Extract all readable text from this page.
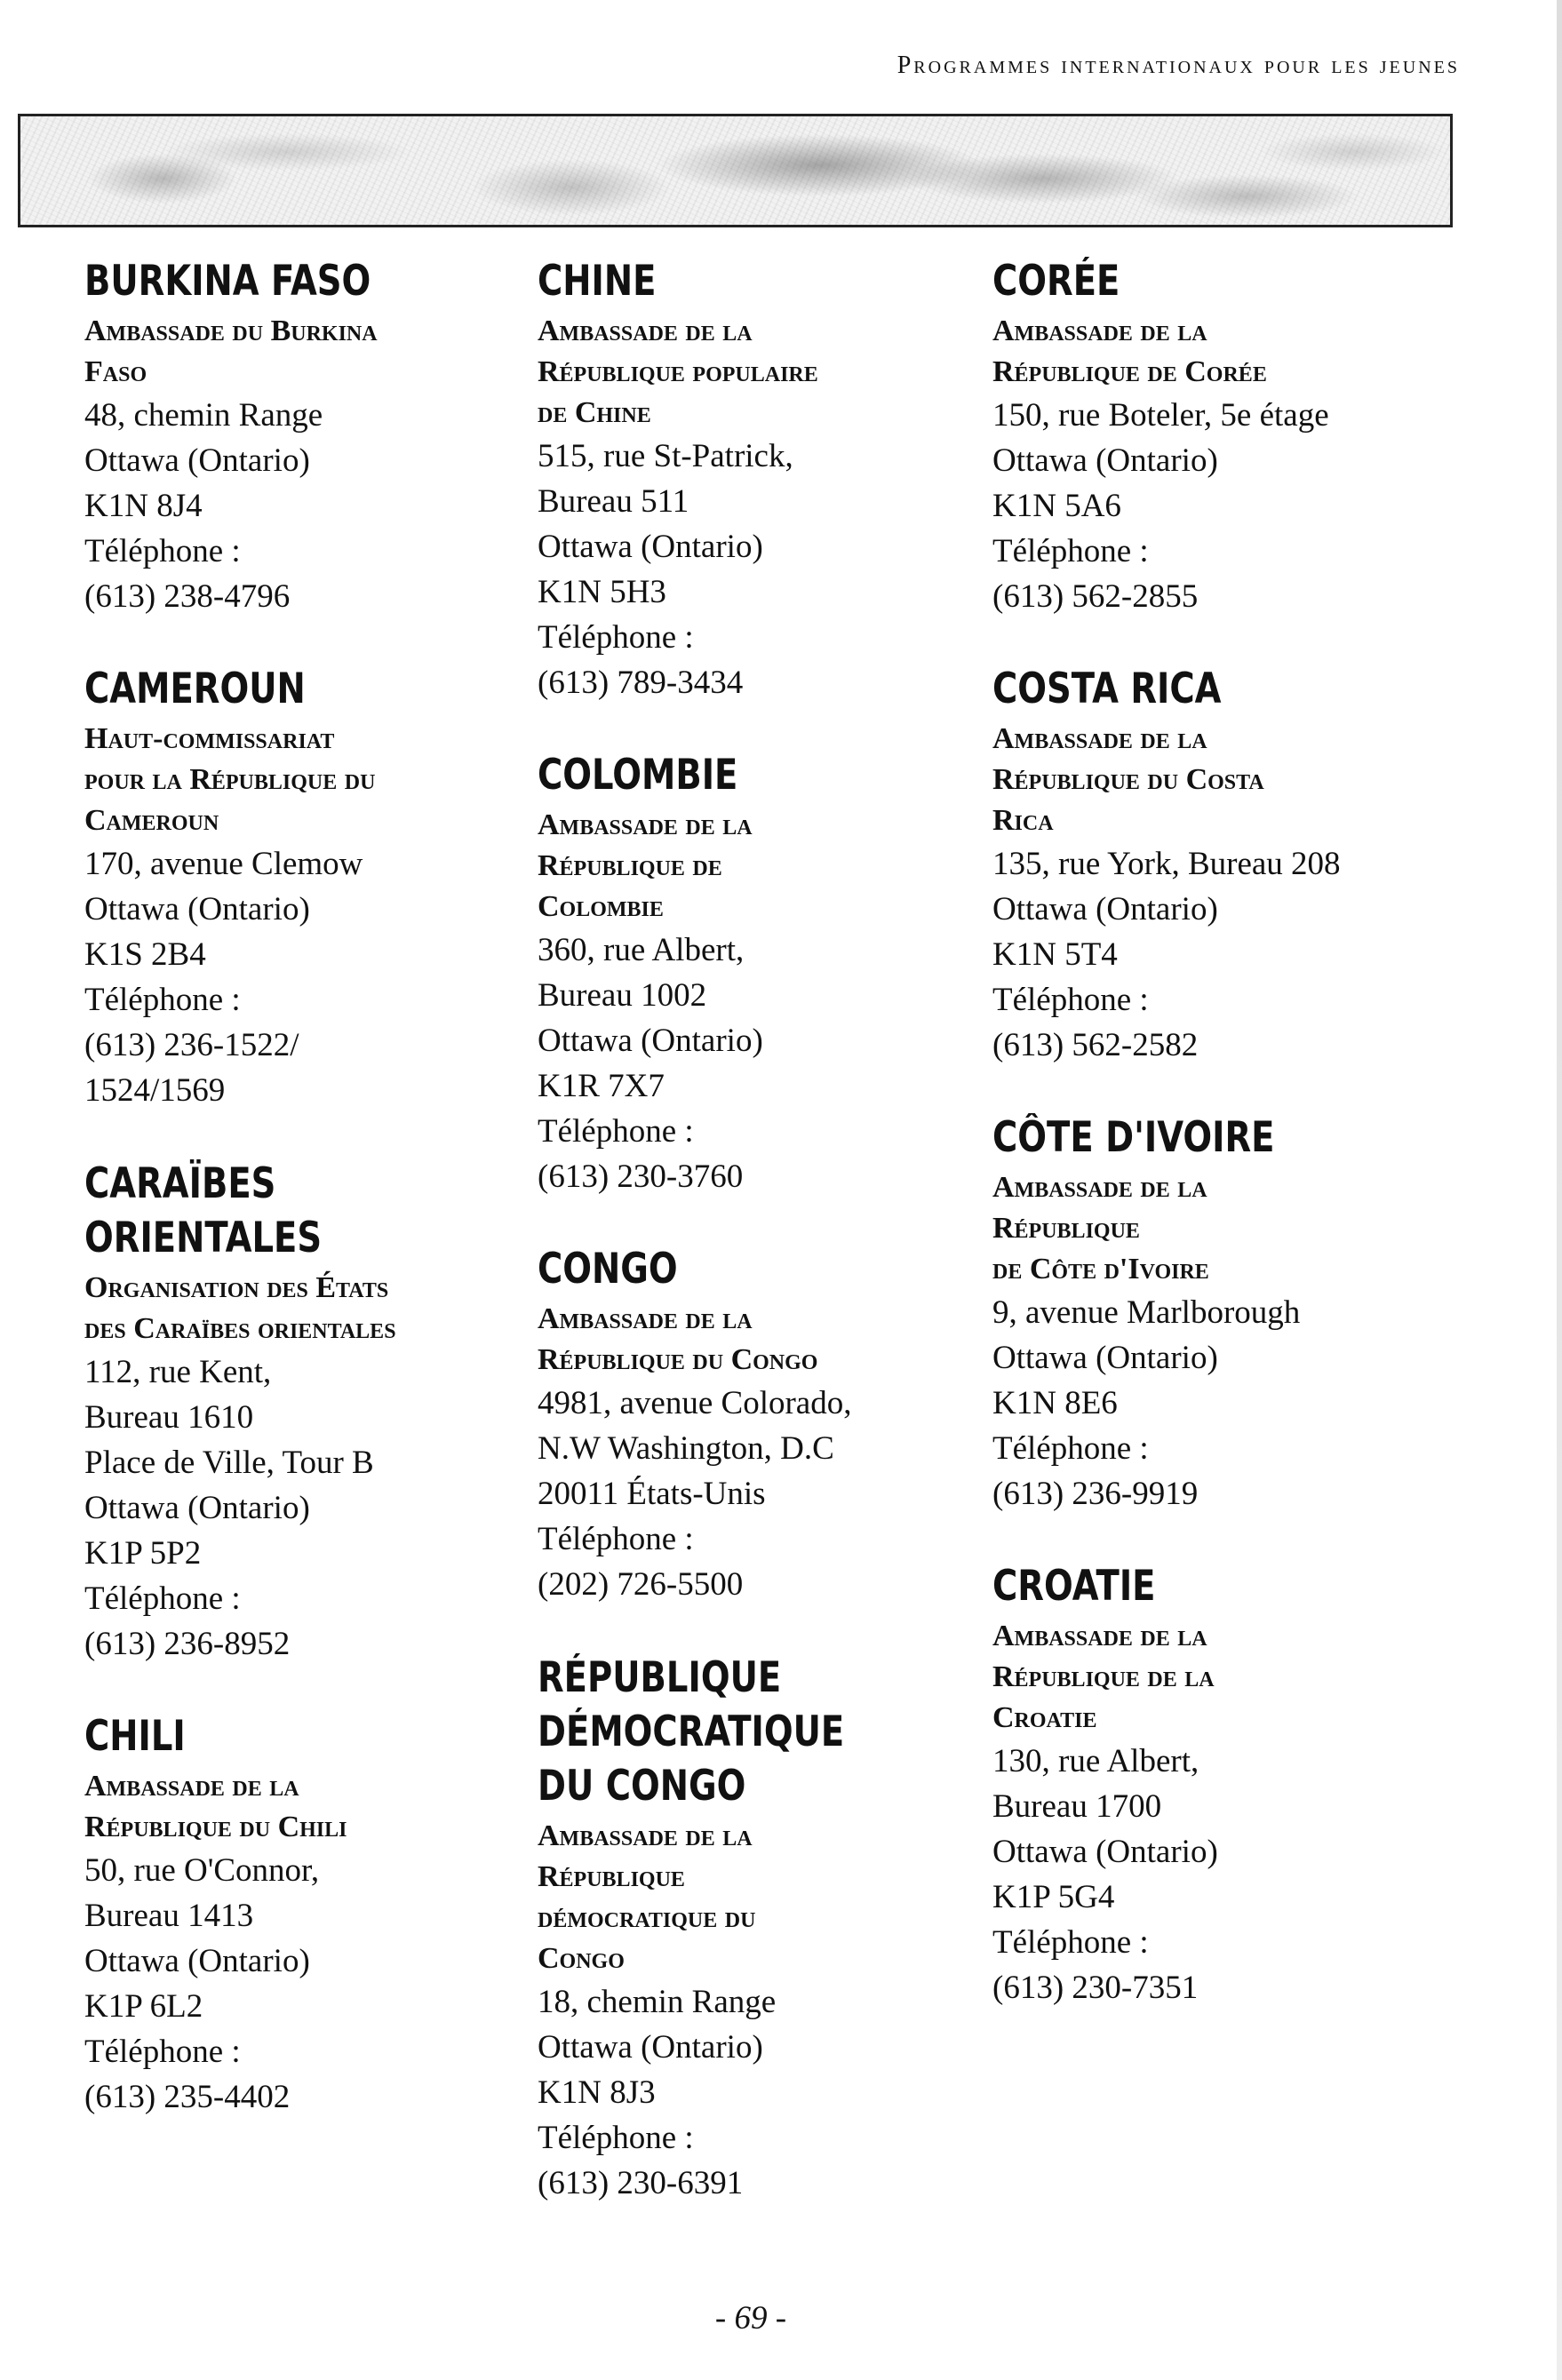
Programmes internationaux pour les jeunes
BURKINA FASO
Ambassade du Burkina
Faso
48, chemin Range
Ottawa (Ontario)
K1N 8J4
Téléphone :
(613) 238-4796
CAMEROUN
Haut-commissariat
pour la République du
Cameroun
170, avenue Clemow
Ottawa (Ontario)
K1S 2B4
Téléphone :
(613) 236-1522/
1524/1569
CARAÏBES
ORIENTALES
Organisation des États
des Caraïbes orientales
112, rue Kent,
Bureau 1610
Place de Ville, Tour B
Ottawa (Ontario)
K1P 5P2
Téléphone :
(613) 236-8952
CHILI
Ambassade de la
République du Chili
50, rue O'Connor,
Bureau 1413
Ottawa (Ontario)
K1P 6L2
Téléphone :
(613) 235-4402
CHINE
Ambassade de la
République populaire
de Chine
515, rue St-Patrick,
Bureau 511
Ottawa (Ontario)
K1N 5H3
Téléphone :
(613) 789-3434
COLOMBIE
Ambassade de la
République de
Colombie
360, rue Albert,
Bureau 1002
Ottawa (Ontario)
K1R 7X7
Téléphone :
(613) 230-3760
CONGO
Ambassade de la
République du Congo
4981, avenue Colorado,
N.W Washington, D.C
20011 États-Unis
Téléphone :
(202) 726-5500
RÉPUBLIQUE
DÉMOCRATIQUE
DU CONGO
Ambassade de la
République
démocratique du
Congo
18, chemin Range
Ottawa (Ontario)
K1N 8J3
Téléphone :
(613) 230-6391
CORÉE
Ambassade de la
République de Corée
150, rue Boteler, 5e étage
Ottawa (Ontario)
K1N 5A6
Téléphone :
(613) 562-2855
COSTA RICA
Ambassade de la
République du Costa
Rica
135, rue York, Bureau 208
Ottawa (Ontario)
K1N 5T4
Téléphone :
(613) 562-2582
CÔTE D'IVOIRE
Ambassade de la
République
de Côte d'Ivoire
9, avenue Marlborough
Ottawa (Ontario)
K1N 8E6
Téléphone :
(613) 236-9919
CROATIE
Ambassade de la
République de la
Croatie
130, rue Albert,
Bureau 1700
Ottawa (Ontario)
K1P 5G4
Téléphone :
(613) 230-7351
- 69 -
